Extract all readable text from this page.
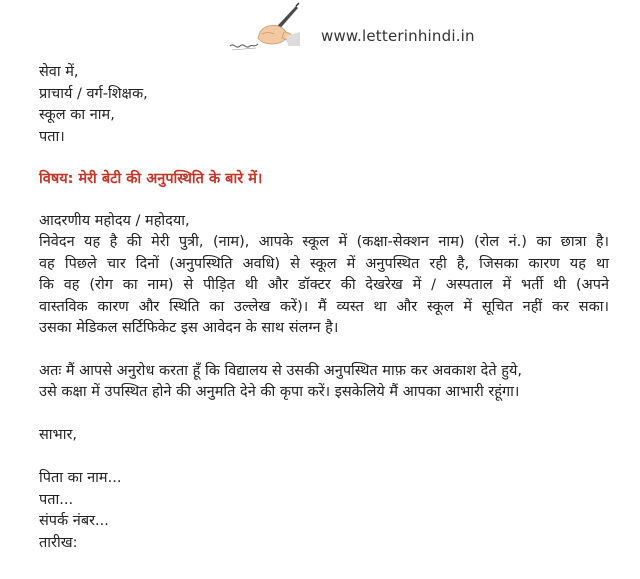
www.letterinhindi.in
सेवा में,
प्राचार्य / वर्ग-शिक्षक,
स्कूल का नाम,
पता।
विषय: मेरी बेटी की अनुपस्थिति के बारे में।
आदरणीय महोदय / महोदया,
निवेदन यह है की मेरी पुत्री, (नाम), आपके स्कूल में (कक्षा-सेक्शन नाम) (रोल नं.) का छात्रा है।
वह पिछले चार दिनों (अनुपस्थिति अवधि) से स्कूल में अनुपस्थित रही है, जिसका कारण यह था
कि वह (रोग का नाम) से पीड़ित थी और डॉक्टर की देखरेख में / अस्पताल में भर्ती थी (अपने
वास्तविक कारण और स्थिति का उल्लेख करें)। मैं व्यस्त था और स्कूल में सूचित नहीं कर सका।
उसका मेडिकल सर्टिफिकेट इस आवेदन के साथ संलग्न है।
अतः मैं आपसे अनुरोध करता हूँ कि विद्यालय से उसकी अनुपस्थित माफ़ कर अवकाश देते हुये,
उसे कक्षा में उपस्थित होने की अनुमति देने की कृपा करें। इसकेलिये मैं आपका आभारी रहूंगा।
साभार,
पिता का नाम...
पता...
संपर्क नंबर...
तारीख:
